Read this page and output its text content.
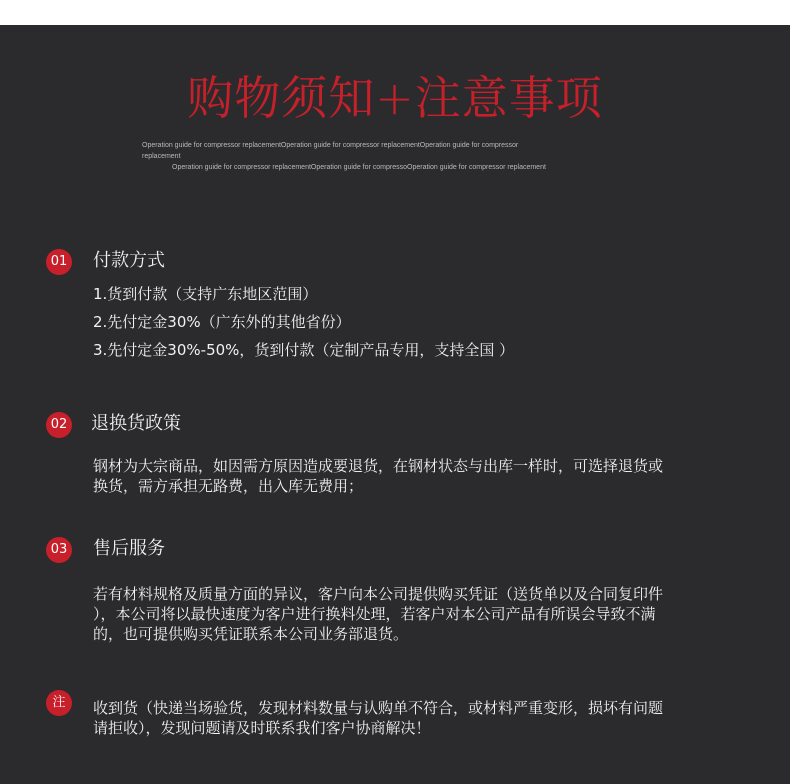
购物须知+注意事项
Operation guide for compressor replacementOperation guide for compressor replacementOperation guide for compressor
replacement
Operation guide for compressor replacementOperation guide for compressoOperation guide for compressor replacement
01 付款方式
1.货到付款（支持广东地区范围）
2.先付定金30%（广东外的其他省份）
3.先付定金30%-50%，货到付款（定制产品专用，支持全国 ）
02 退换货政策
钢材为大宗商品，如因需方原因造成要退货，在钢材状态与出库一样时，可选择退货或
换货，需方承担无路费，出入库无费用；
03 售后服务
若有材料规格及质量方面的异议，客户向本公司提供购买凭证（送货单以及合同复印件
），本公司将以最快速度为客户进行换料处理，若客户对本公司产品有所误会导致不满
的，也可提供购买凭证联系本公司业务部退货。
注	收到货（快递当场验货，发现材料数量与认购单不符合，或材料严重变形，损坏有问题
请拒收），发现问题请及时联系我们客户协商解决！
